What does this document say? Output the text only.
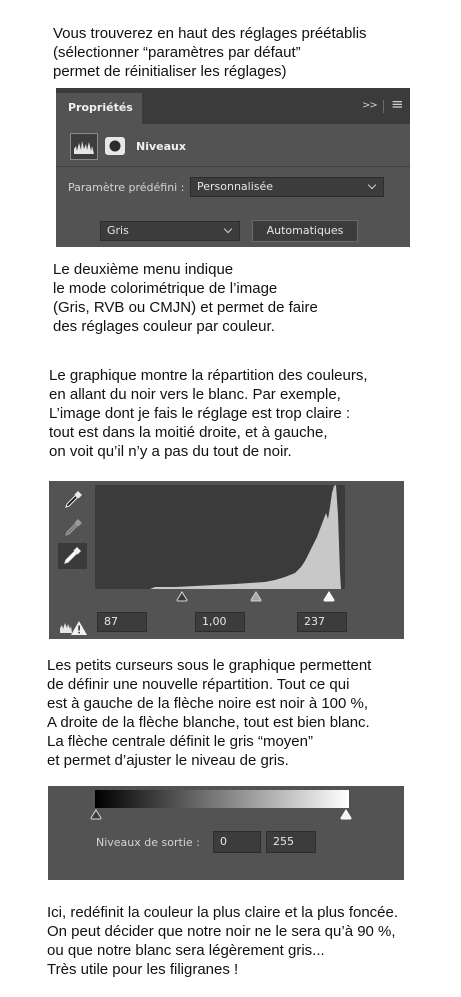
Vous trouverez en haut des réglages préétablis
(sélectionner “paramètres par défaut”
permet de réinitialiser les réglages)
Propriétés	>> ≡
Niveaux
Paramètre prédéfini :	Personnalisée
Gris	Automatiques
Le deuxième menu indique
le mode colorimétrique de l’image
(Gris, RVB ou CMJN) et permet de faire
des réglages couleur par couleur.
Le graphique montre la répartition des couleurs,
en allant du noir vers le blanc. Par exemple,
L’image dont je fais le réglage est trop claire :
tout est dans la moitié droite, et à gauche,
on voit qu’il n’y a pas du tout de noir.
87	1,00	237
Les petits curseurs sous le graphique permettent
de définir une nouvelle répartition. Tout ce qui
est à gauche de la flèche noire est noir à 100 %,
A droite de la flèche blanche, tout est bien blanc.
La flèche centrale définit le gris “moyen”
et permet d’ajuster le niveau de gris.
Niveaux de sortie :	0	255
Ici, redéfinit la couleur la plus claire et la plus foncée.
On peut décider que notre noir ne le sera qu’à 90 %,
ou que notre blanc sera légèrement gris...
Très utile pour les filigranes !
